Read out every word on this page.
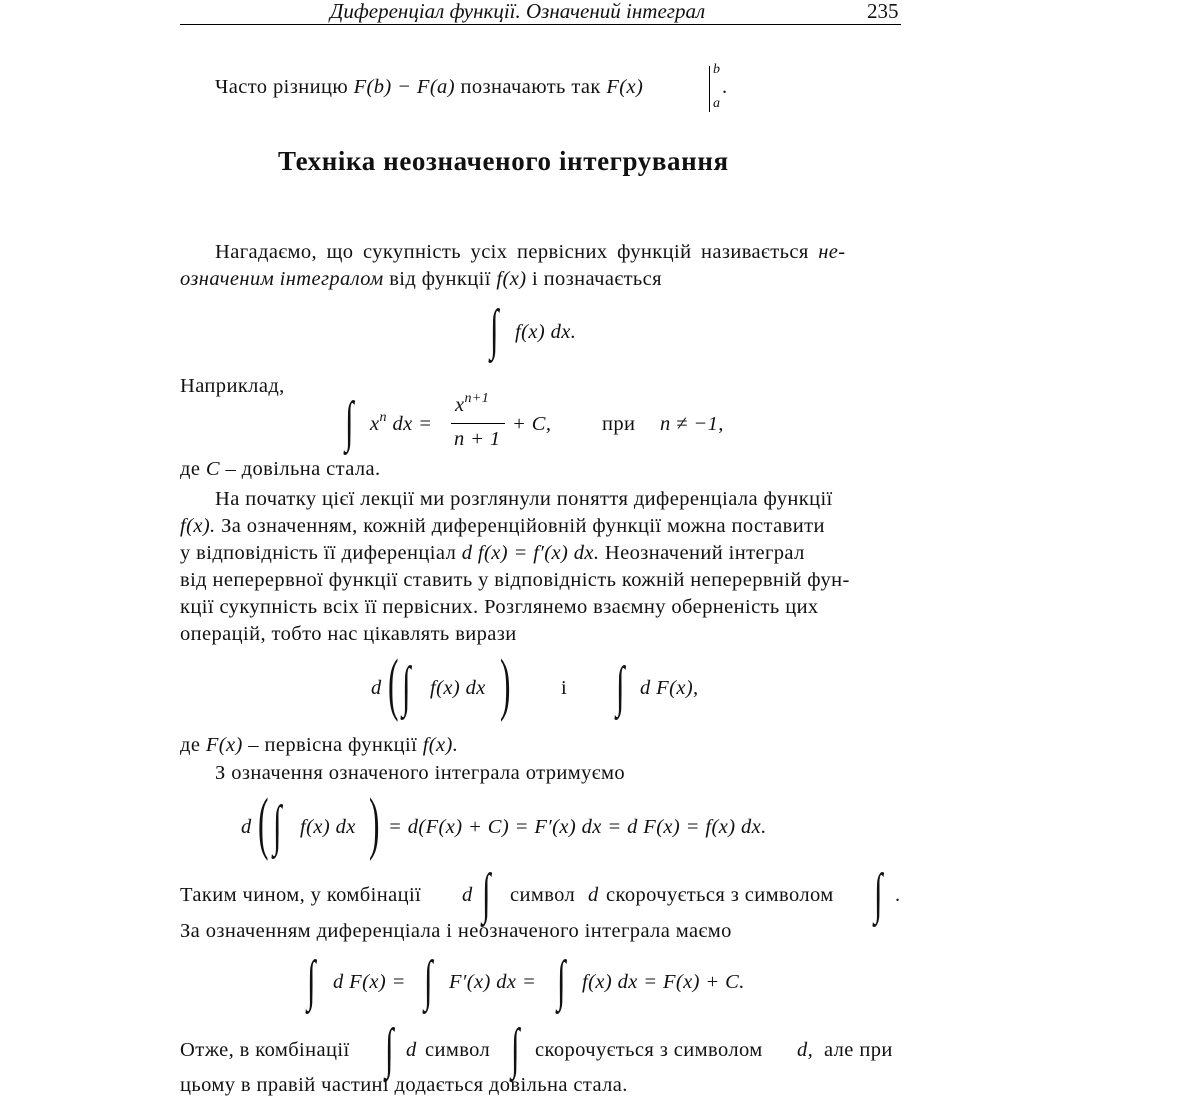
Диференціал функції. Означений інтеграл	235
Часто різницю F(b) − F(a) позначають так F(x)
b
a
.
Техніка неозначеного інтегрування
Нагадаємо, що сукупність усіх первісних функцій називається не-
означеним інтегралом від функції f(x) і позначається
∫ f(x) dx.
Наприклад,
∫ $x^n$ dx =
$x^{n+1}$
n + 1
+ C, при n ≠ −1,
де C – довільна стала.
На початку цієї лекції ми розглянули поняття диференціала функції
f(x). За означенням, кожній диференційовній функції можна поставити
у відповідність її диференціал d f(x) = f′(x) dx. Неозначений інтеграл
від неперервної функції ставить у відповідність кожній неперервній фун-
кції сукупність всіх її первісних. Розглянемо взаємну оберненість цих
операцій, тобто нас цікавлять вирази
d ( ∫ f(x) dx ) і ∫ d F(x),
де F(x) – первісна функції f(x).
З означення означеного інтеграла отримуємо
d ( ∫ f(x) dx ) = d(F(x) + C) = F′(x) dx = d F(x) = f(x) dx.
Таким чином, у комбінації d ∫ символ d скорочується з символом ∫ .
За означенням диференціала і неозначеного інтеграла маємо
∫ d F(x) = ∫ F′(x) dx = ∫ f(x) dx = F(x) + C.
Отже, в комбінації ∫ d символ ∫ скорочується з символом d, але при
цьому в правій частині додається довільна стала.
